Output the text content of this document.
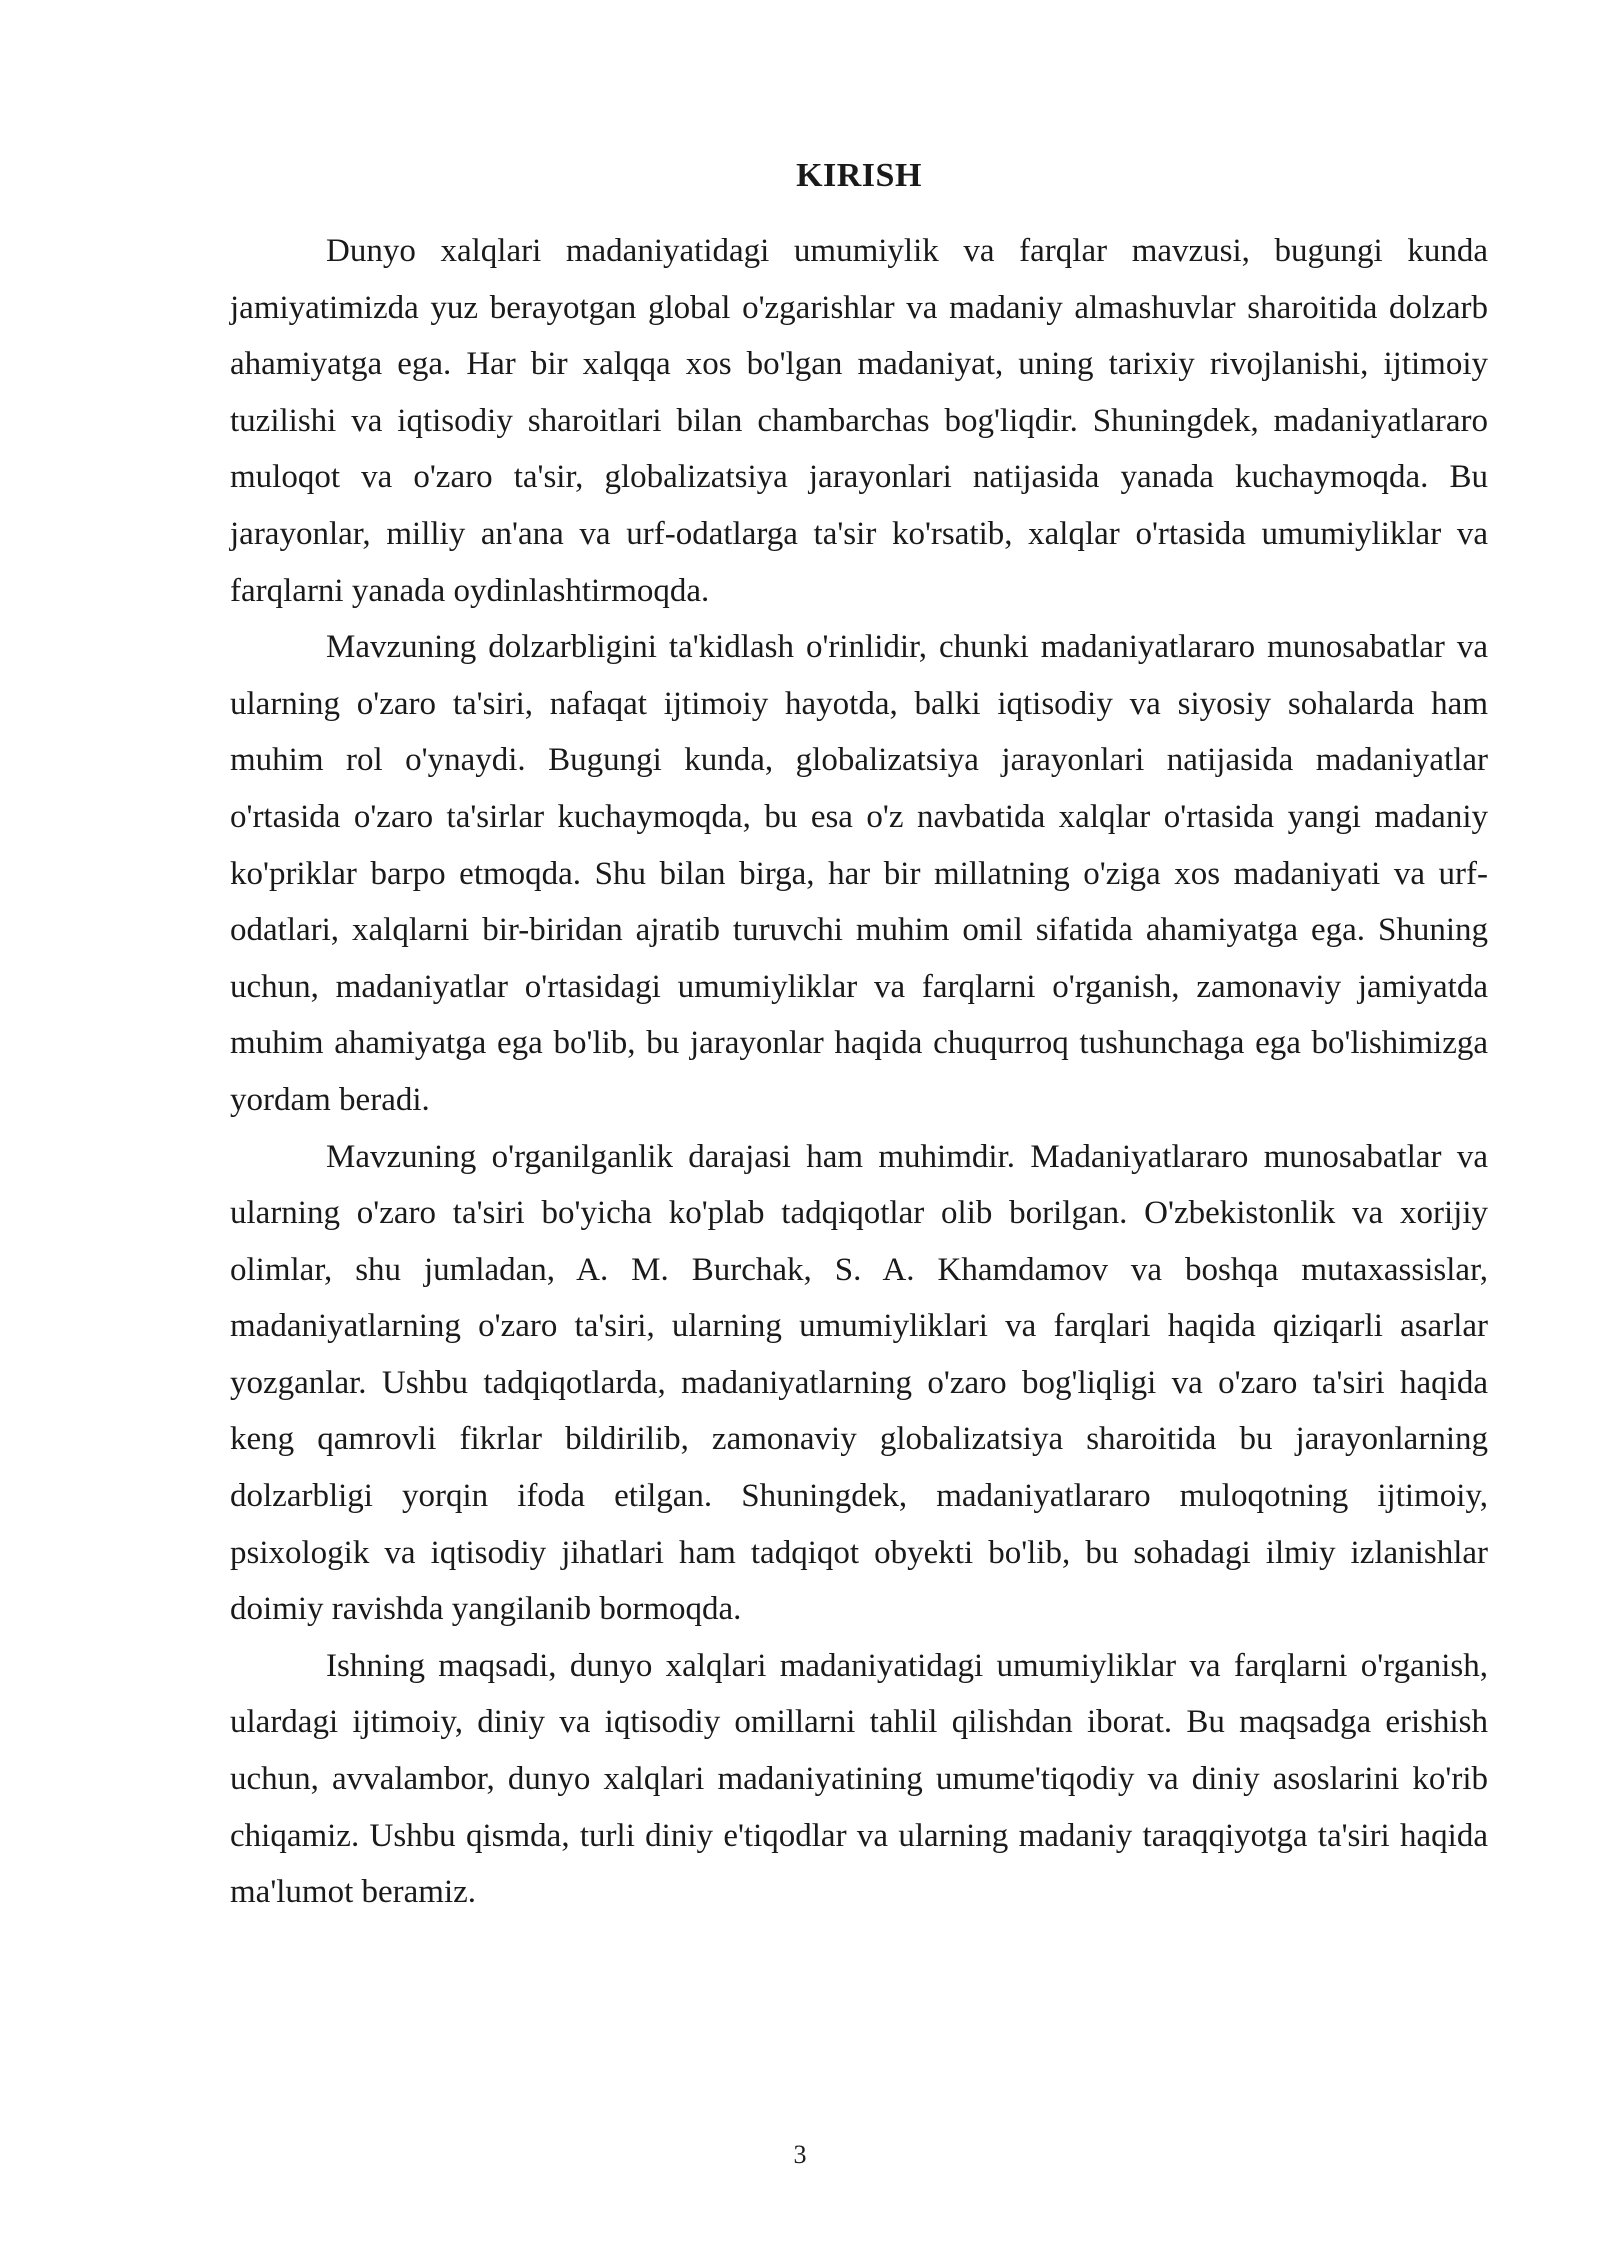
KIRISH

Dunyo xalqlari madaniyatidagi umumiylik va farqlar mavzusi, bugungi kunda jamiyatimizda yuz berayotgan global o'zgarishlar va madaniy almashuvlar sharoitida dolzarb ahamiyatga ega. Har bir xalqqa xos bo'lgan madaniyat, uning tarixiy rivojlanishi, ijtimoiy tuzilishi va iqtisodiy sharoitlari bilan chambarchas bog'liqdir. Shuningdek, madaniyatlararo muloqot va o'zaro ta'sir, globalizatsiya jarayonlari natijasida yanada kuchaymoqda. Bu jarayonlar, milliy an'ana va urf-odatlarga ta'sir ko'rsatib, xalqlar o'rtasida umumiyliklar va farqlarni yanada oydinlashtirmoqda.

Mavzuning dolzarbligini ta'kidlash o'rinlidir, chunki madaniyatlararo munosabatlar va ularning o'zaro ta'siri, nafaqat ijtimoiy hayotda, balki iqtisodiy va siyosiy sohalarda ham muhim rol o'ynaydi. Bugungi kunda, globalizatsiya jarayonlari natijasida madaniyatlar o'rtasida o'zaro ta'sirlar kuchaymoqda, bu esa o'z navbatida xalqlar o'rtasida yangi madaniy ko'priklar barpo etmoqda. Shu bilan birga, har bir millatning o'ziga xos madaniyati va urf-odatlari, xalqlarni bir-biridan ajratib turuvchi muhim omil sifatida ahamiyatga ega. Shuning uchun, madaniyatlar o'rtasidagi umumiyliklar va farqlarni o'rganish, zamonaviy jamiyatda muhim ahamiyatga ega bo'lib, bu jarayonlar haqida chuqurroq tushunchaga ega bo'lishimizga yordam beradi.

Mavzuning o'rganilganlik darajasi ham muhimdir. Madaniyatlararo munosabatlar va ularning o'zaro ta'siri bo'yicha ko'plab tadqiqotlar olib borilgan. O'zbekistonlik va xorijiy olimlar, shu jumladan, A. M. Burchak, S. A. Khamdamov va boshqa mutaxassislar, madaniyatlarning o'zaro ta'siri, ularning umumiyliklari va farqlari haqida qiziqarli asarlar yozganlar. Ushbu tadqiqotlarda, madaniyatlarning o'zaro bog'liqligi va o'zaro ta'siri haqida keng qamrovli fikrlar bildirilib, zamonaviy globalizatsiya sharoitida bu jarayonlarning dolzarbligi yorqin ifoda etilgan. Shuningdek, madaniyatlararo muloqotning ijtimoiy, psixologik va iqtisodiy jihatlari ham tadqiqot obyekti bo'lib, bu sohadagi ilmiy izlanishlar doimiy ravishda yangilanib bormoqda.

Ishning maqsadi, dunyo xalqlari madaniyatidagi umumiyliklar va farqlarni o'rganish, ulardagi ijtimoiy, diniy va iqtisodiy omillarni tahlil qilishdan iborat. Bu maqsadga erishish uchun, avvalambor, dunyo xalqlari madaniyatining umume'tiqodiy va diniy asoslarini ko'rib chiqamiz. Ushbu qismda, turli diniy e'tiqodlar va ularning madaniy taraqqiyotga ta'siri haqida ma'lumot beramiz.

3
